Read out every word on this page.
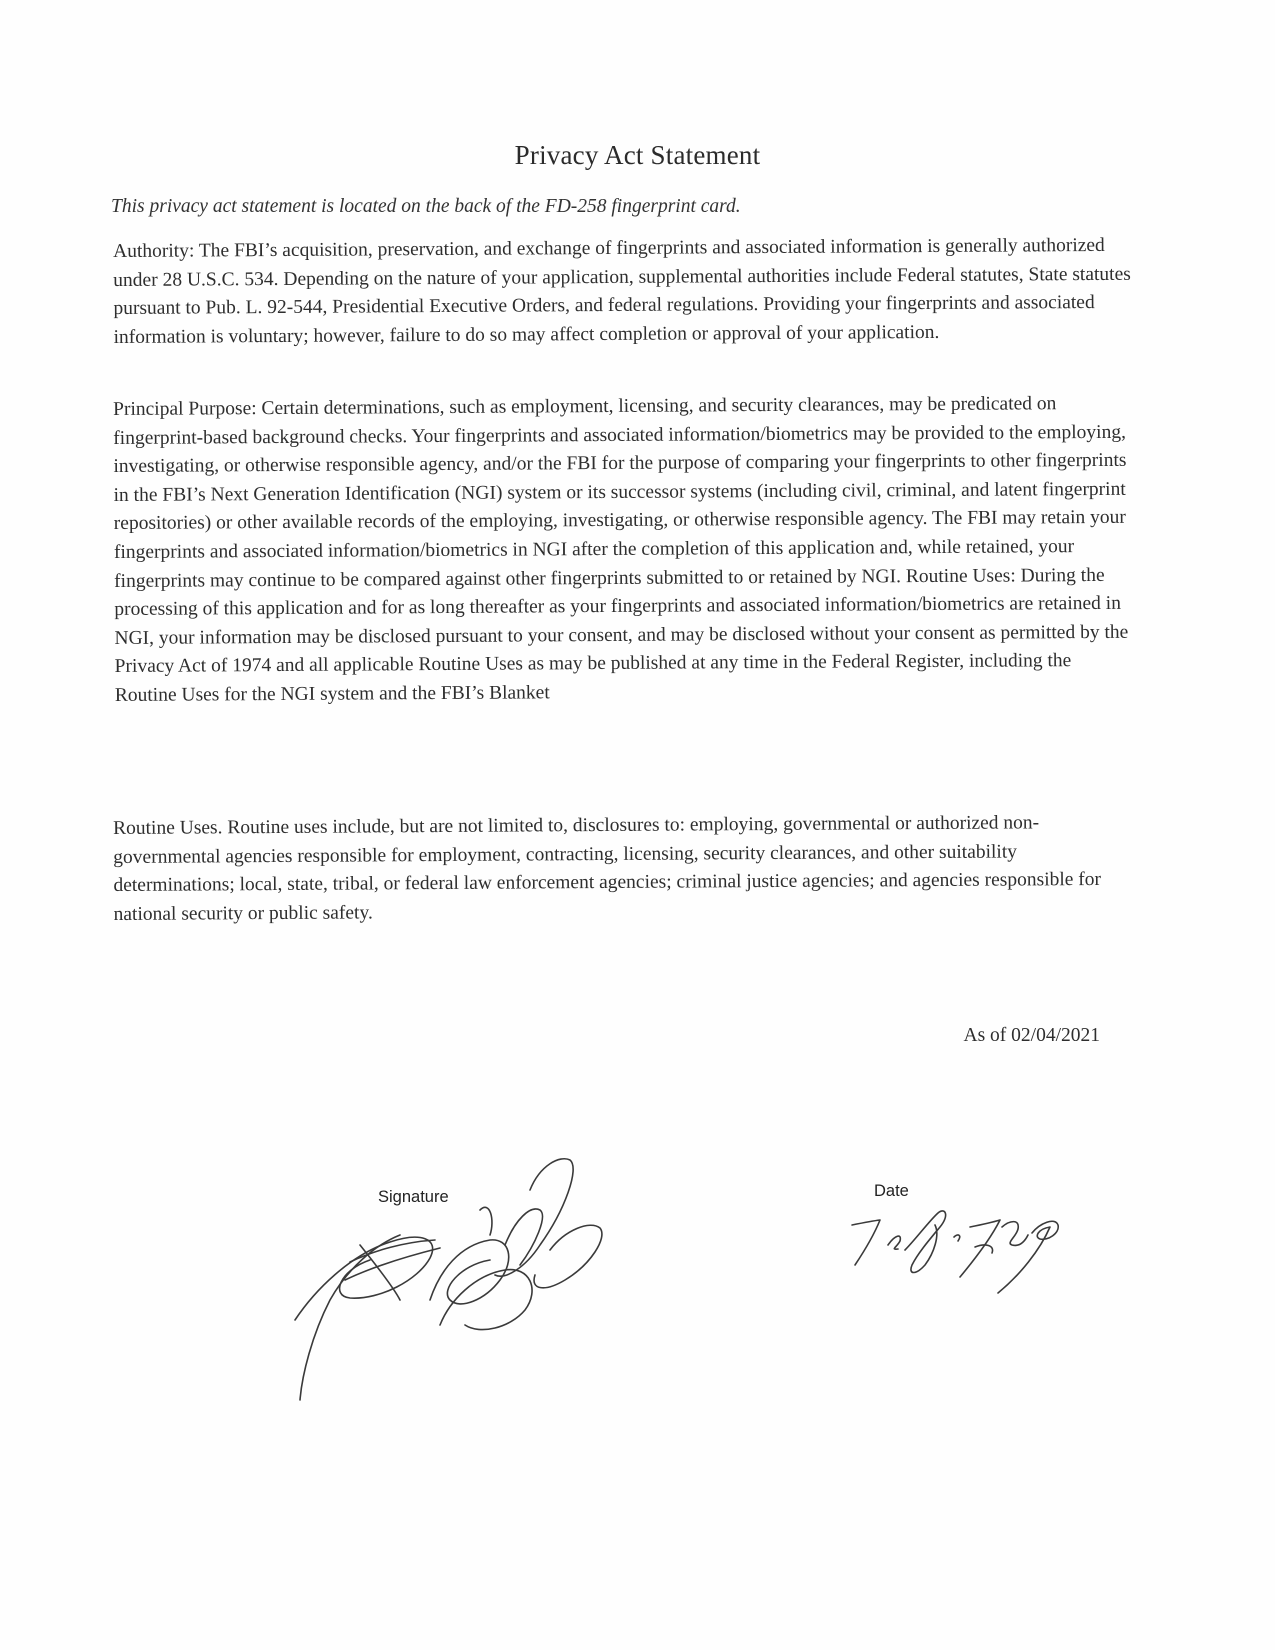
Privacy Act Statement
This privacy act statement is located on the back of the FD-258 fingerprint card.

Authority: The FBI’s acquisition, preservation, and exchange of fingerprints and associated information is generally authorized under 28 U.S.C. 534. Depending on the nature of your application, supplemental authorities include Federal statutes, State statutes pursuant to Pub. L. 92-544, Presidential Executive Orders, and federal regulations. Providing your fingerprints and associated information is voluntary; however, failure to do so may affect completion or approval of your application.

Principal Purpose: Certain determinations, such as employment, licensing, and security clearances, may be predicated on fingerprint-based background checks. Your fingerprints and associated information/biometrics may be provided to the employing, investigating, or otherwise responsible agency, and/or the FBI for the purpose of comparing your fingerprints to other fingerprints in the FBI’s Next Generation Identification (NGI) system or its successor systems (including civil, criminal, and latent fingerprint repositories) or other available records of the employing, investigating, or otherwise responsible agency. The FBI may retain your fingerprints and associated information/biometrics in NGI after the completion of this application and, while retained, your fingerprints may continue to be compared against other fingerprints submitted to or retained by NGI. Routine Uses: During the processing of this application and for as long thereafter as your fingerprints and associated information/biometrics are retained in NGI, your information may be disclosed pursuant to your consent, and may be disclosed without your consent as permitted by the Privacy Act of 1974 and all applicable Routine Uses as may be published at any time in the Federal Register, including the Routine Uses for the NGI system and the FBI’s Blanket

Routine Uses. Routine uses include, but are not limited to, disclosures to: employing, governmental or authorized non-governmental agencies responsible for employment, contracting, licensing, security clearances, and other suitability determinations; local, state, tribal, or federal law enforcement agencies; criminal justice agencies; and agencies responsible for national security or public safety.

As of 02/04/2021
Signature	Date
